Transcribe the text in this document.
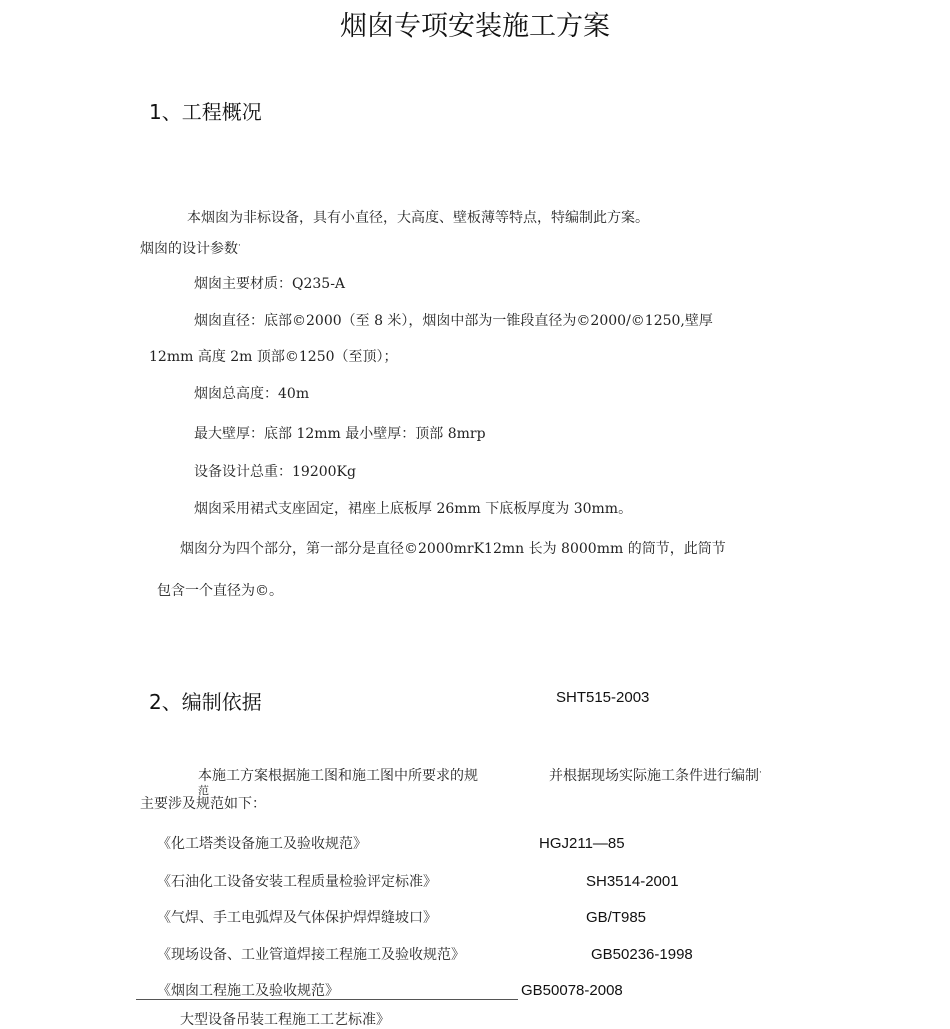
烟囱专项安装施工方案
1、工程概况
本烟囱为非标设备，具有小直径，大高度、壁板薄等特点，特编制此方案。
烟囱的设计参数·
烟囱主要材质：Q235-A
烟囱直径：底部©2000（至 8 米），烟囱中部为一锥段直径为©2000/©1250,壁厚
12mm 高度 2m 顶部©1250（至顶）；
烟囱总高度：40m
最大壁厚：底部 12mm 最小壁厚：顶部 8mrp
设备设计总重：19200Kg
烟囱采用裙式支座固定，裙座上底板厚 26mm 下底板厚度为 30mm。
烟囱分为四个部分，第一部分是直径©2000mrK12mn 长为 8000mm 的筒节，此筒节
包含一个直径为©。
2、编制依据	SHT515-2003
本施工方案根据施工图和施工图中所要求的规
范
并根据现场实际施工条件进行编制·
主要涉及规范如下：
《化工塔类设备施工及验收规范》	HGJ211—85
《石油化工设备安装工程质量检验评定标准》	SH3514-2001
《气焊、手工电弧焊及气体保护焊焊缝坡口》	GB/T985
《现场设备、工业管道焊接工程施工及验收规范》	GB50236-1998
《烟囱工程施工及验收规范》	GB50078-2008
大型设备吊装工程施工工艺标准》
